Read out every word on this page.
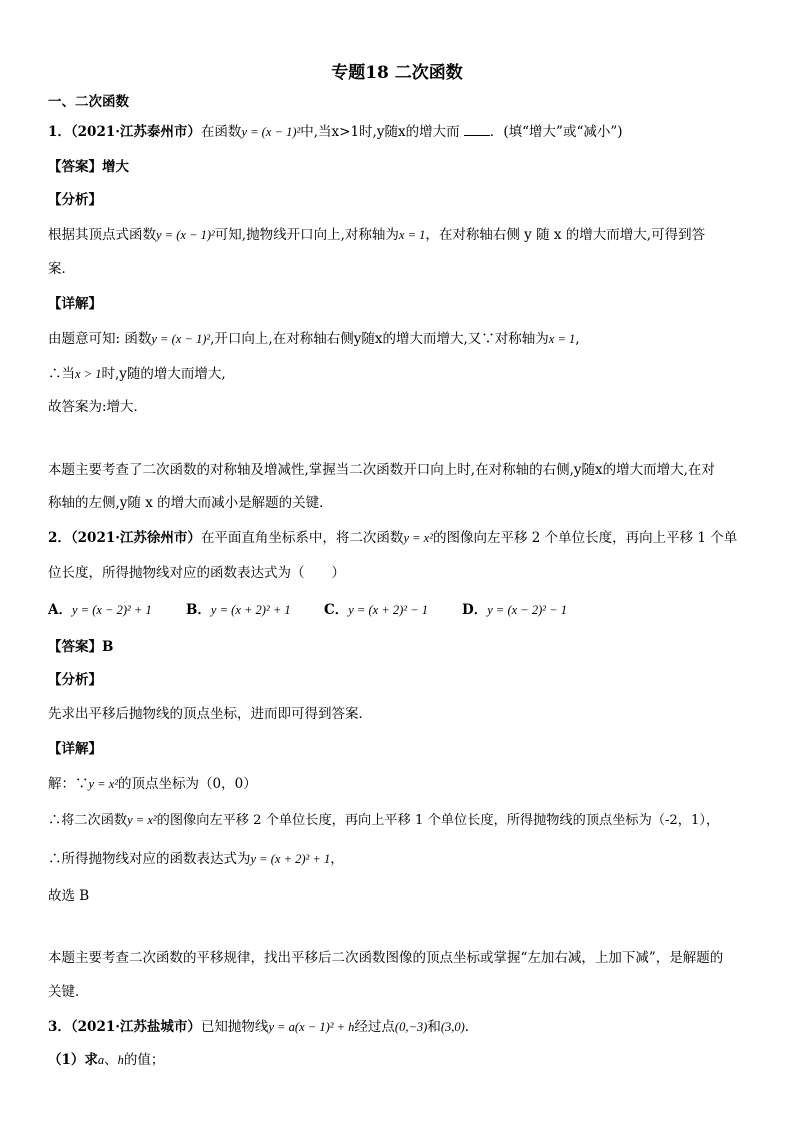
专题18 二次函数
一、二次函数
1．（2021·江苏泰州市）在函数y = (x − 1)²中,当x>1时,y随x的增大而 ．(填“增大”或“减小”)
【答案】增大
【分析】
根据其顶点式函数y = (x − 1)²可知,抛物线开口向上,对称轴为x = 1，在对称轴右侧 y 随 x 的增大而增大,可得到答
案．
【详解】
由题意可知: 函数y = (x − 1)²,开口向上,在对称轴右侧y随x的增大而增大,又∵对称轴为x = 1,
∴当x > 1时,y随的增大而增大,
故答案为:增大．
本题主要考查了二次函数的对称轴及增减性,掌握当二次函数开口向上时,在对称轴的右侧,y随x的增大而增大,在对
称轴的左侧,y随 x 的增大而减小是解题的关键．
2．（2021·江苏徐州市）在平面直角坐标系中，将二次函数y = x²的图像向左平移 2 个单位长度，再向上平移 1 个单
位长度，所得抛物线对应的函数表达式为（　　）
A．y = (x − 2)² + 1	B．y = (x + 2)² + 1 C．y = (x + 2)² − 1	D．y = (x − 2)² − 1
【答案】B
【分析】
先求出平移后抛物线的顶点坐标，进而即可得到答案．
【详解】
解：∵y = x²的顶点坐标为（0，0）
∴将二次函数y = x²的图像向左平移 2 个单位长度，再向上平移 1 个单位长度，所得抛物线的顶点坐标为（-2，1），
∴所得抛物线对应的函数表达式为y = (x + 2)² + 1，
故选 B
本题主要考查二次函数的平移规律，找出平移后二次函数图像的顶点坐标或掌握“左加右减，上加下减”，是解题的
关键．
3．（2021·江苏盐城市）已知抛物线y = a(x − 1)² + h经过点(0,−3)和(3,0)．
（1）求a、h的值；
